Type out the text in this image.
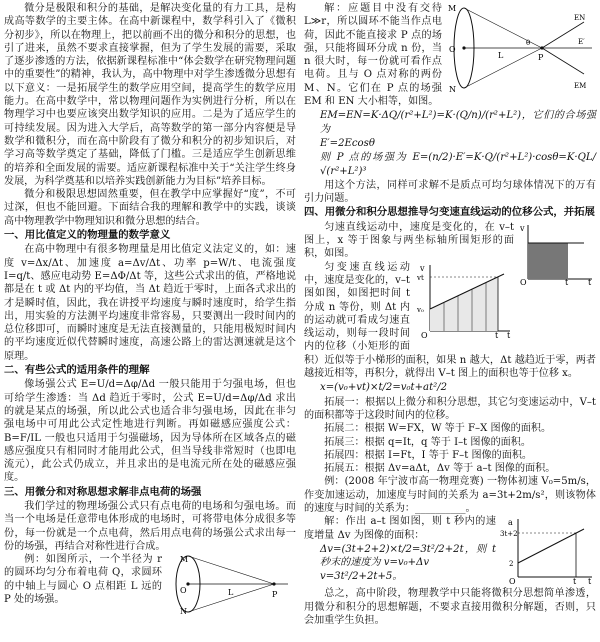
微分是极限和积分的基础，是解决变化量的有力工具，是构成高等数学的主要主体。在高中新课程中，数学科引入了《微积分初步》，所以在物理上，把以前画不出的微分和积分的思想，也引了进来，虽然不要求直接掌握，但为了学生发展的需要，采取了逐步渗透的方法，依据新课程标准中“体会数学在研究物理问题中的重要性”的精神，我认为，高中物理中对学生渗透微分思想有以下意义：一是拓展学生的数学应用空间，提高学生的数学应用能力。在高中数学中，常以物理问题作为实例进行分析，所以在物理学习中也要应该突出数学知识的应用。二是为了适应学生的可持续发展。因为进入大学后，高等数学的第一部分内容便是导数学和微积分，而在高中阶段有了微分和积分的初步知识后，对学习高等数学奠定了基础，降低了门槛。三是适应学生创新思维的培养和全面发展的需要。适应新课程标准中关于“关注学生终身发展，为科学奠基和以培养实践创新能力为目标”培养目标。

微分和极限思想固然重要，但在教学中应掌握好“度”，不可过深，但也不能回避。下面结合我的理解和教学中的实践，谈谈高中物理教学中物理知识和微分思想的结合。

一、用比值定义的物理量的数学意义

在高中物理中有很多物理量是用比值定义法定义的，如：速度 v=Δx/Δt、加速度 a=Δv/Δt、功率 p=W/t、电流强度 I=q/t、感应电动势 E=ΔΦ/Δt 等，这些公式求出的值，严格地说都是在 t 或 Δt 内的平均值，当 Δt 趋近于零时，上面各式求出的才是瞬时值，因此，我在讲授平均速度与瞬时速度时，给学生指出，用实验的方法测平均速度非常容易，只要测出一段时间内的总位移即可，而瞬时速度是无法直接测量的，只能用极短时间内的平均速度近似代替瞬时速度，高速公路上的雷达测速就是这个原理。

二、有些公式的适用条件的理解

像场强公式 E=U/d=Δφ/Δd 一般只能用于匀强电场，但也可给学生渗透：当 Δd 趋近于零时，公式 E=U/d=Δφ/Δd 求出的就是某点的场强，所以此公式也适合非匀强电场，因此在非匀强电场中可用此公式定性地进行判断。再如磁感应强度公式：B=F/IL 一般也只适用于匀强磁场，因为导体所在区域各点的磁感应强度只有相同时才能用此公式，但当导线非常短时（也即电流元），此公式仍成立，并且求出的是电流元所在处的磁感应强度。

三、用微分和对称思想求解非点电荷的场强

我们学过的物理场强公式只有点电荷的电场和匀强电场。而当一个电场是任意带电体形成的电场时，可将带电体分成很多等份，每一份就是一个点电荷，然后用点电荷的场强公式求出每一份的场强，再结合对称性进行合成。

M
O
N
L	P

例：如图所示，一个半径为 r 的圆环均匀分布着电荷 Q，求圆环的中轴上与圆心 O 点相距 L 远的 P 处的场强。

M
O
N
L	P
θ
EN
E′
EM

解：应题目中没有交待 L≫r，所以圆环不能当作点电荷，因此不能直接求 P 点的场强，只能将圆环分成 n 份，当 n 很大时，每一份就可看作点电荷。且与 O 点对称的两份 M、N。它们在 P 点的场强 EM 和 EN 大小相等，如图。

EM=EN=K·ΔQ/(r²+L²)=K·(Q/n)/(r²+L²)，它们的合场强为

E′=2Ecosθ

则 P 点的场强为 E=(n/2)·E′=K·Q/(r²+L²)·cosθ=K·QL/√(r²+L²)³

用这个方法，同样可求解不是质点可均匀球体情况下的万有引力问题。

四、用微分和积分思想推导匀变速直线运动的位移公式，并拓展

v
O	t t

匀速直线运动中，速度是变化的，在 v–t 图上，x 等于图象与两坐标轴所围矩形的面积，如图。

v
vt
v₀
O	t t

匀变速直线运动中，速度是变化的，v–t 图如图，如图把时间 t 分成 n 等份，则 Δt 内的运动就可看成匀速直线运动，则每一段时间内的位移（小矩形的面积）近似等于小梯形的面积，如果 n 越大，Δt 越趋近于零，两者越接近相等，再积分，就得出 V–t 图上的面积也等于位移 x。

x=(v₀+vt)×t/2=v₀t+at²/2

拓展一：根据以上微分和积分思想，其它匀变速运动中，V–t 的面积都等于这段时间内的位移。

拓展二：根据 W=FX，W 等于 F–X 图像的面积。

拓展三：根据 q=It，q 等于 I–t 图像的面积。

拓展四：根据 I=Ft，I 等于 F–t 图像的面积。

拓展五：根据 Δv=aΔt，Δv 等于 a–t 图像的面积。

例：(2008 年宁波市高一物理竞赛) 一物体初速 V₀=5m/s，作变加速运动，加速度与时间的关系为 a=3t+2m/s²，则该物体的速度与时间的关系为：__________。

a
3t+2
2
O	t t

解：作出 a–t 图如图，则 t 秒内的速度增量 Δv 为图像的面积：

Δv=(3t+2+2)×t/2=3t²/2+2t，则 t 秒末的速度为 v=v₀+Δv

v=3t²/2+2t+5。

总之，高中阶段，物理教学中只能将微积分思想简单渗透，用微分和积分的思想解题，不要求直接用微积分解题，否则，只会加重学生负担。
